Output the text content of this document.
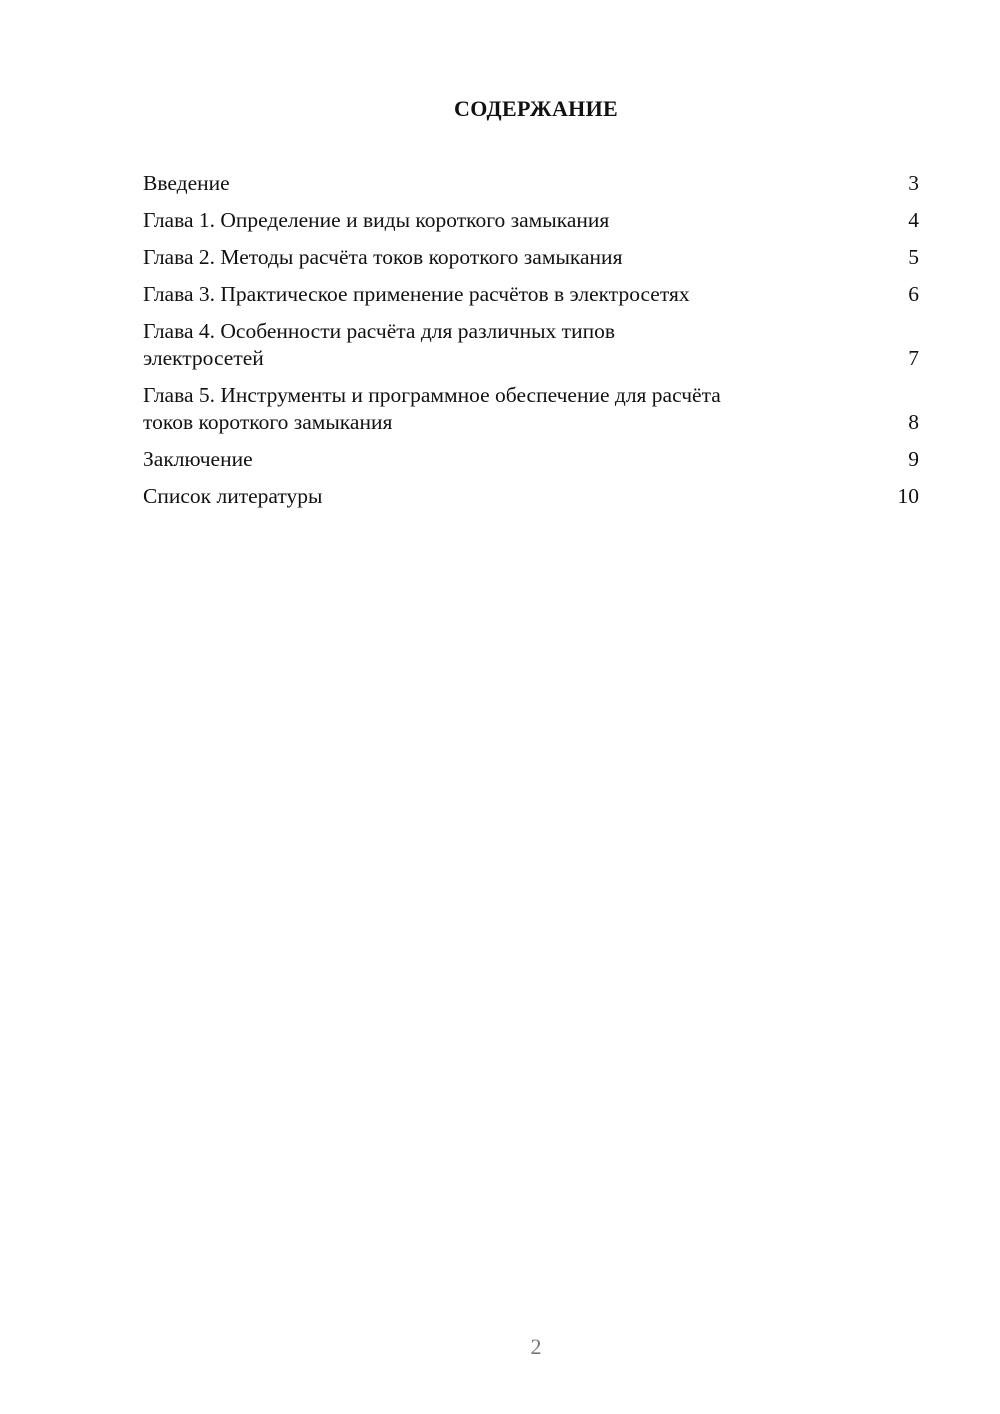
СОДЕРЖАНИЕ
Введение	3
Глава 1. Определение и виды короткого замыкания	4
Глава 2. Методы расчёта токов короткого замыкания	5
Глава 3. Практическое применение расчётов в электросетях	6
Глава 4. Особенности расчёта для различных типов
электросетей	7
Глава 5. Инструменты и программное обеспечение для расчёта
токов короткого замыкания	8
Заключение	9
Список литературы	10
2
